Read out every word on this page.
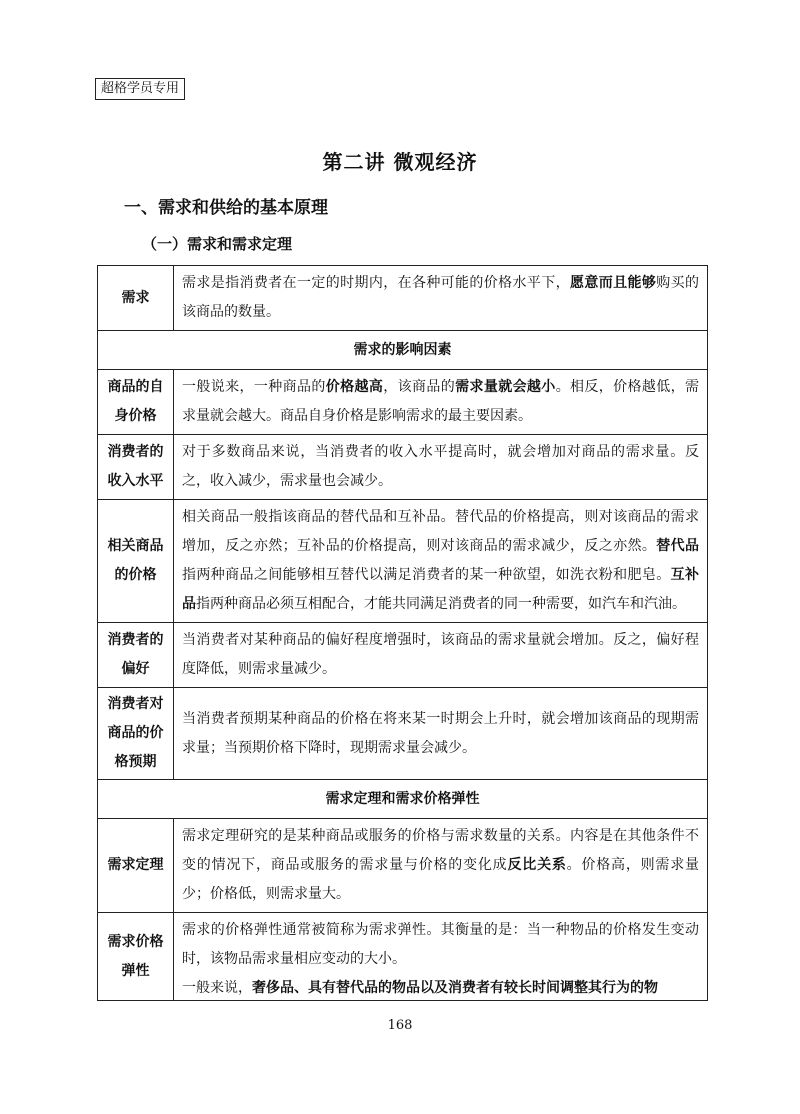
超格学员专用
第二讲 微观经济
一、需求和供给的基本原理
（一）需求和需求定理
需求	需求是指消费者在一定的时期内，在各种可能的价格水平下，愿意而且能够购买的该商品的数量。
需求的影响因素	
商品的自身价格	一般说来，一种商品的价格越高，该商品的需求量就会越小。相反，价格越低，需求量就会越大。商品自身价格是影响需求的最主要因素。
消费者的收入水平	对于多数商品来说，当消费者的收入水平提高时，就会增加对商品的需求量。反之，收入减少，需求量也会减少。
相关商品的价格	相关商品一般指该商品的替代品和互补品。替代品的价格提高，则对该商品的需求增加，反之亦然；互补品的价格提高，则对该商品的需求减少，反之亦然。替代品指两种商品之间能够相互替代以满足消费者的某一种欲望，如洗衣粉和肥皂。互补品指两种商品必须互相配合，才能共同满足消费者的同一种需要，如汽车和汽油。
消费者的偏好	当消费者对某种商品的偏好程度增强时，该商品的需求量就会增加。反之，偏好程度降低，则需求量减少。
消费者对商品的价格预期	当消费者预期某种商品的价格在将来某一时期会上升时，就会增加该商品的现期需求量；当预期价格下降时，现期需求量会减少。
需求定理和需求价格弹性	
需求定理	需求定理研究的是某种商品或服务的价格与需求数量的关系。内容是在其他条件不变的情况下，商品或服务的需求量与价格的变化成反比关系。价格高，则需求量少；价格低，则需求量大。
需求价格弹性	需求的价格弹性通常被简称为需求弹性。其衡量的是：当一种物品的价格发生变动时，该物品需求量相应变动的大小。
一般来说，奢侈品、具有替代品的物品以及消费者有较长时间调整其行为的物
168
